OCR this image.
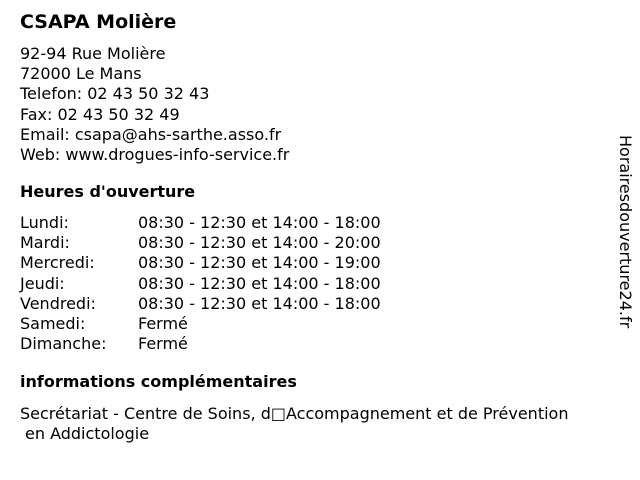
CSAPA Molière
92-94 Rue Molière
72000 Le Mans
Telefon: 02 43 50 32 43
Fax: 02 43 50 32 49
Email: csapa@ahs-sarthe.asso.fr
Web: www.drogues-info-service.fr
Heures d'ouverture
Lundi:	08:30 - 12:30 et 14:00 - 18:00
Mardi:	08:30 - 12:30 et 14:00 - 20:00
Mercredi:	08:30 - 12:30 et 14:00 - 19:00
Jeudi:	08:30 - 12:30 et 14:00 - 18:00
Vendredi:	08:30 - 12:30 et 14:00 - 18:00
Samedi:	Fermé
Dimanche: Fermé
informations complémentaires
Secrétariat - Centre de Soins, d□Accompagnement et de Prévention
en Addictologie
Horairesdouverture24.fr
